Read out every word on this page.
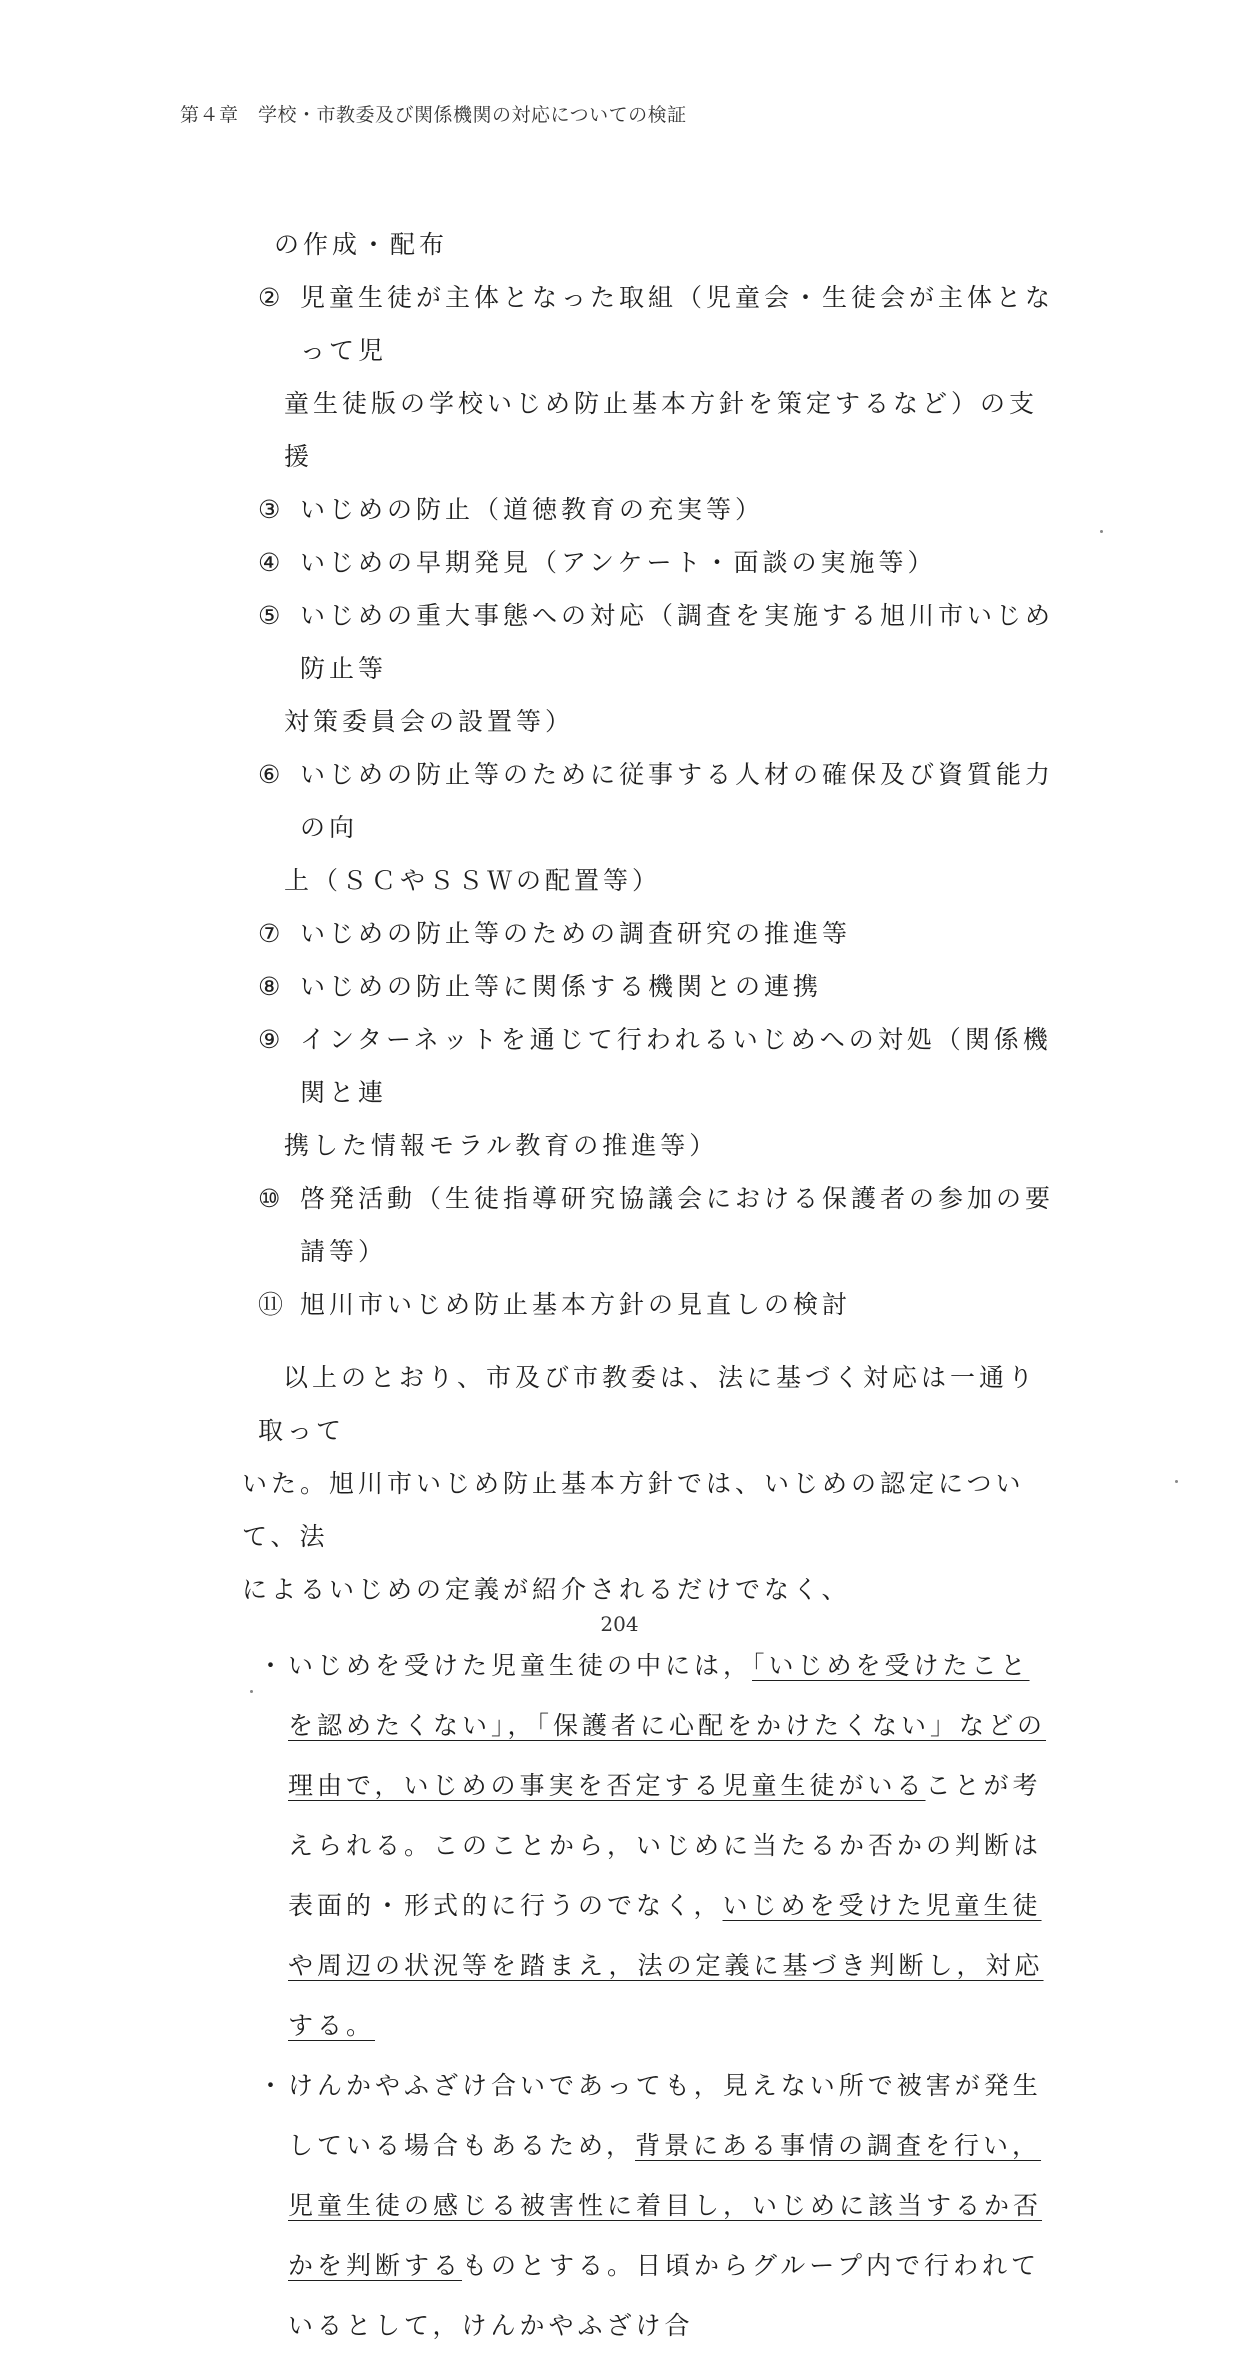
第４章　学校・市教委及び関係機関の対応についての検証
の作成・配布
② 児童生徒が主体となった取組（児童会・生徒会が主体となって児
童生徒版の学校いじめ防止基本方針を策定するなど）の支援
③ いじめの防止（道徳教育の充実等）
④ いじめの早期発見（アンケート・面談の実施等）
⑤ いじめの重大事態への対応（調査を実施する旭川市いじめ防止等
対策委員会の設置等）
⑥ いじめの防止等のために従事する人材の確保及び資質能力の向
上（ＳＣやＳＳＷの配置等）
⑦ いじめの防止等のための調査研究の推進等
⑧ いじめの防止等に関係する機関との連携
⑨ インターネットを通じて行われるいじめへの対処（関係機関と連
携した情報モラル教育の推進等）
⑩ 啓発活動（生徒指導研究協議会における保護者の参加の要請等）
⑪ 旭川市いじめ防止基本方針の見直しの検討
以上のとおり、市及び市教委は、法に基づく対応は一通り取って
いた。旭川市いじめ防止基本方針では、いじめの認定について、法
によるいじめの定義が紹介されるだけでなく、
・ いじめを受けた児童生徒の中には，「いじめを受けたことを認めたくない」，「保護者に心配をかけたくない」などの理由で，いじめの事実を否定する児童生徒がいることが考えられる。このことから，いじめに当たるか否かの判断は表面的・形式的に行うのでなく，いじめを受けた児童生徒や周辺の状況等を踏まえ，法の定義に基づき判断し，対応する。
・ けんかやふざけ合いであっても，見えない所で被害が発生している場合もあるため，背景にある事情の調査を行い，児童生徒の感じる被害性に着目し，いじめに該当するか否かを判断するものとする。日頃からグループ内で行われているとして，けんかやふざけ合
204
